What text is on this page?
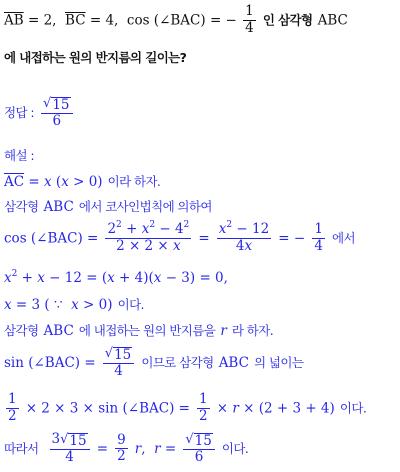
$\overline{AB} = 2$,  $\overline{BC} = 4$,  cos (∠BAC) = − $\frac{1}{4}$ 인 삼각형 ABC
에 내접하는 원의 반지름의 길이는?
정답 : $\frac{√ 15}{6}$
해설 :
$\overline{AC} = x$ (x > 0) 이라 하자.
삼각형 ABC 에서 코사인법칙에 의하여
cos (∠BAC) = $\frac{2^2 + x^2 - 4^2}{2 \times 2 \times x} = \frac{x^2 - 12}{4x}$ = − $\frac{1}{4}$ 에서
$x^2 + x - 12 = (x + 4)(x - 3) = 0$,
x = 3 ( ∵  x > 0) 이다.
삼각형 ABC 에 내접하는 원의 반지름을 r 라 하자.
sin (∠BAC) = $\frac{√ 15}{4}$ 이므로 삼각형 ABC 의 넓이는
$\frac{1}{2} \times 2 \times 3 \times \sin$ (∠BAC) = $\frac{1}{2} \times r \times (2 + 3 + 4)$ 이다.
따라서 $\frac{3 √ 15}{4} = \frac{9}{2} r$,  $r = \frac{√ 15}{6}$ 이다.
